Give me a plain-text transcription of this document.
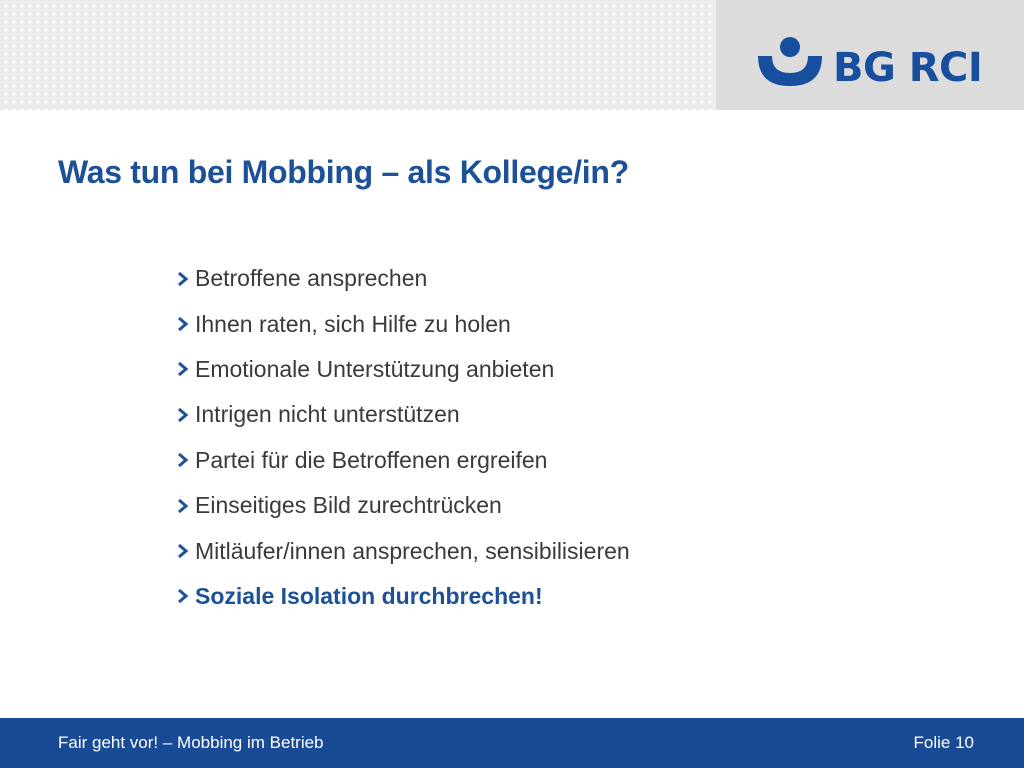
BG RCI
Was tun bei Mobbing – als Kollege/in?
Betroffene ansprechen
Ihnen raten, sich Hilfe zu holen
Emotionale Unterstützung anbieten
Intrigen nicht unterstützen
Partei für die Betroffenen ergreifen
Einseitiges Bild zurechtrücken
Mitläufer/innen ansprechen, sensibilisieren
Soziale Isolation durchbrechen!
Fair geht vor! – Mobbing im Betrieb	Folie 10
